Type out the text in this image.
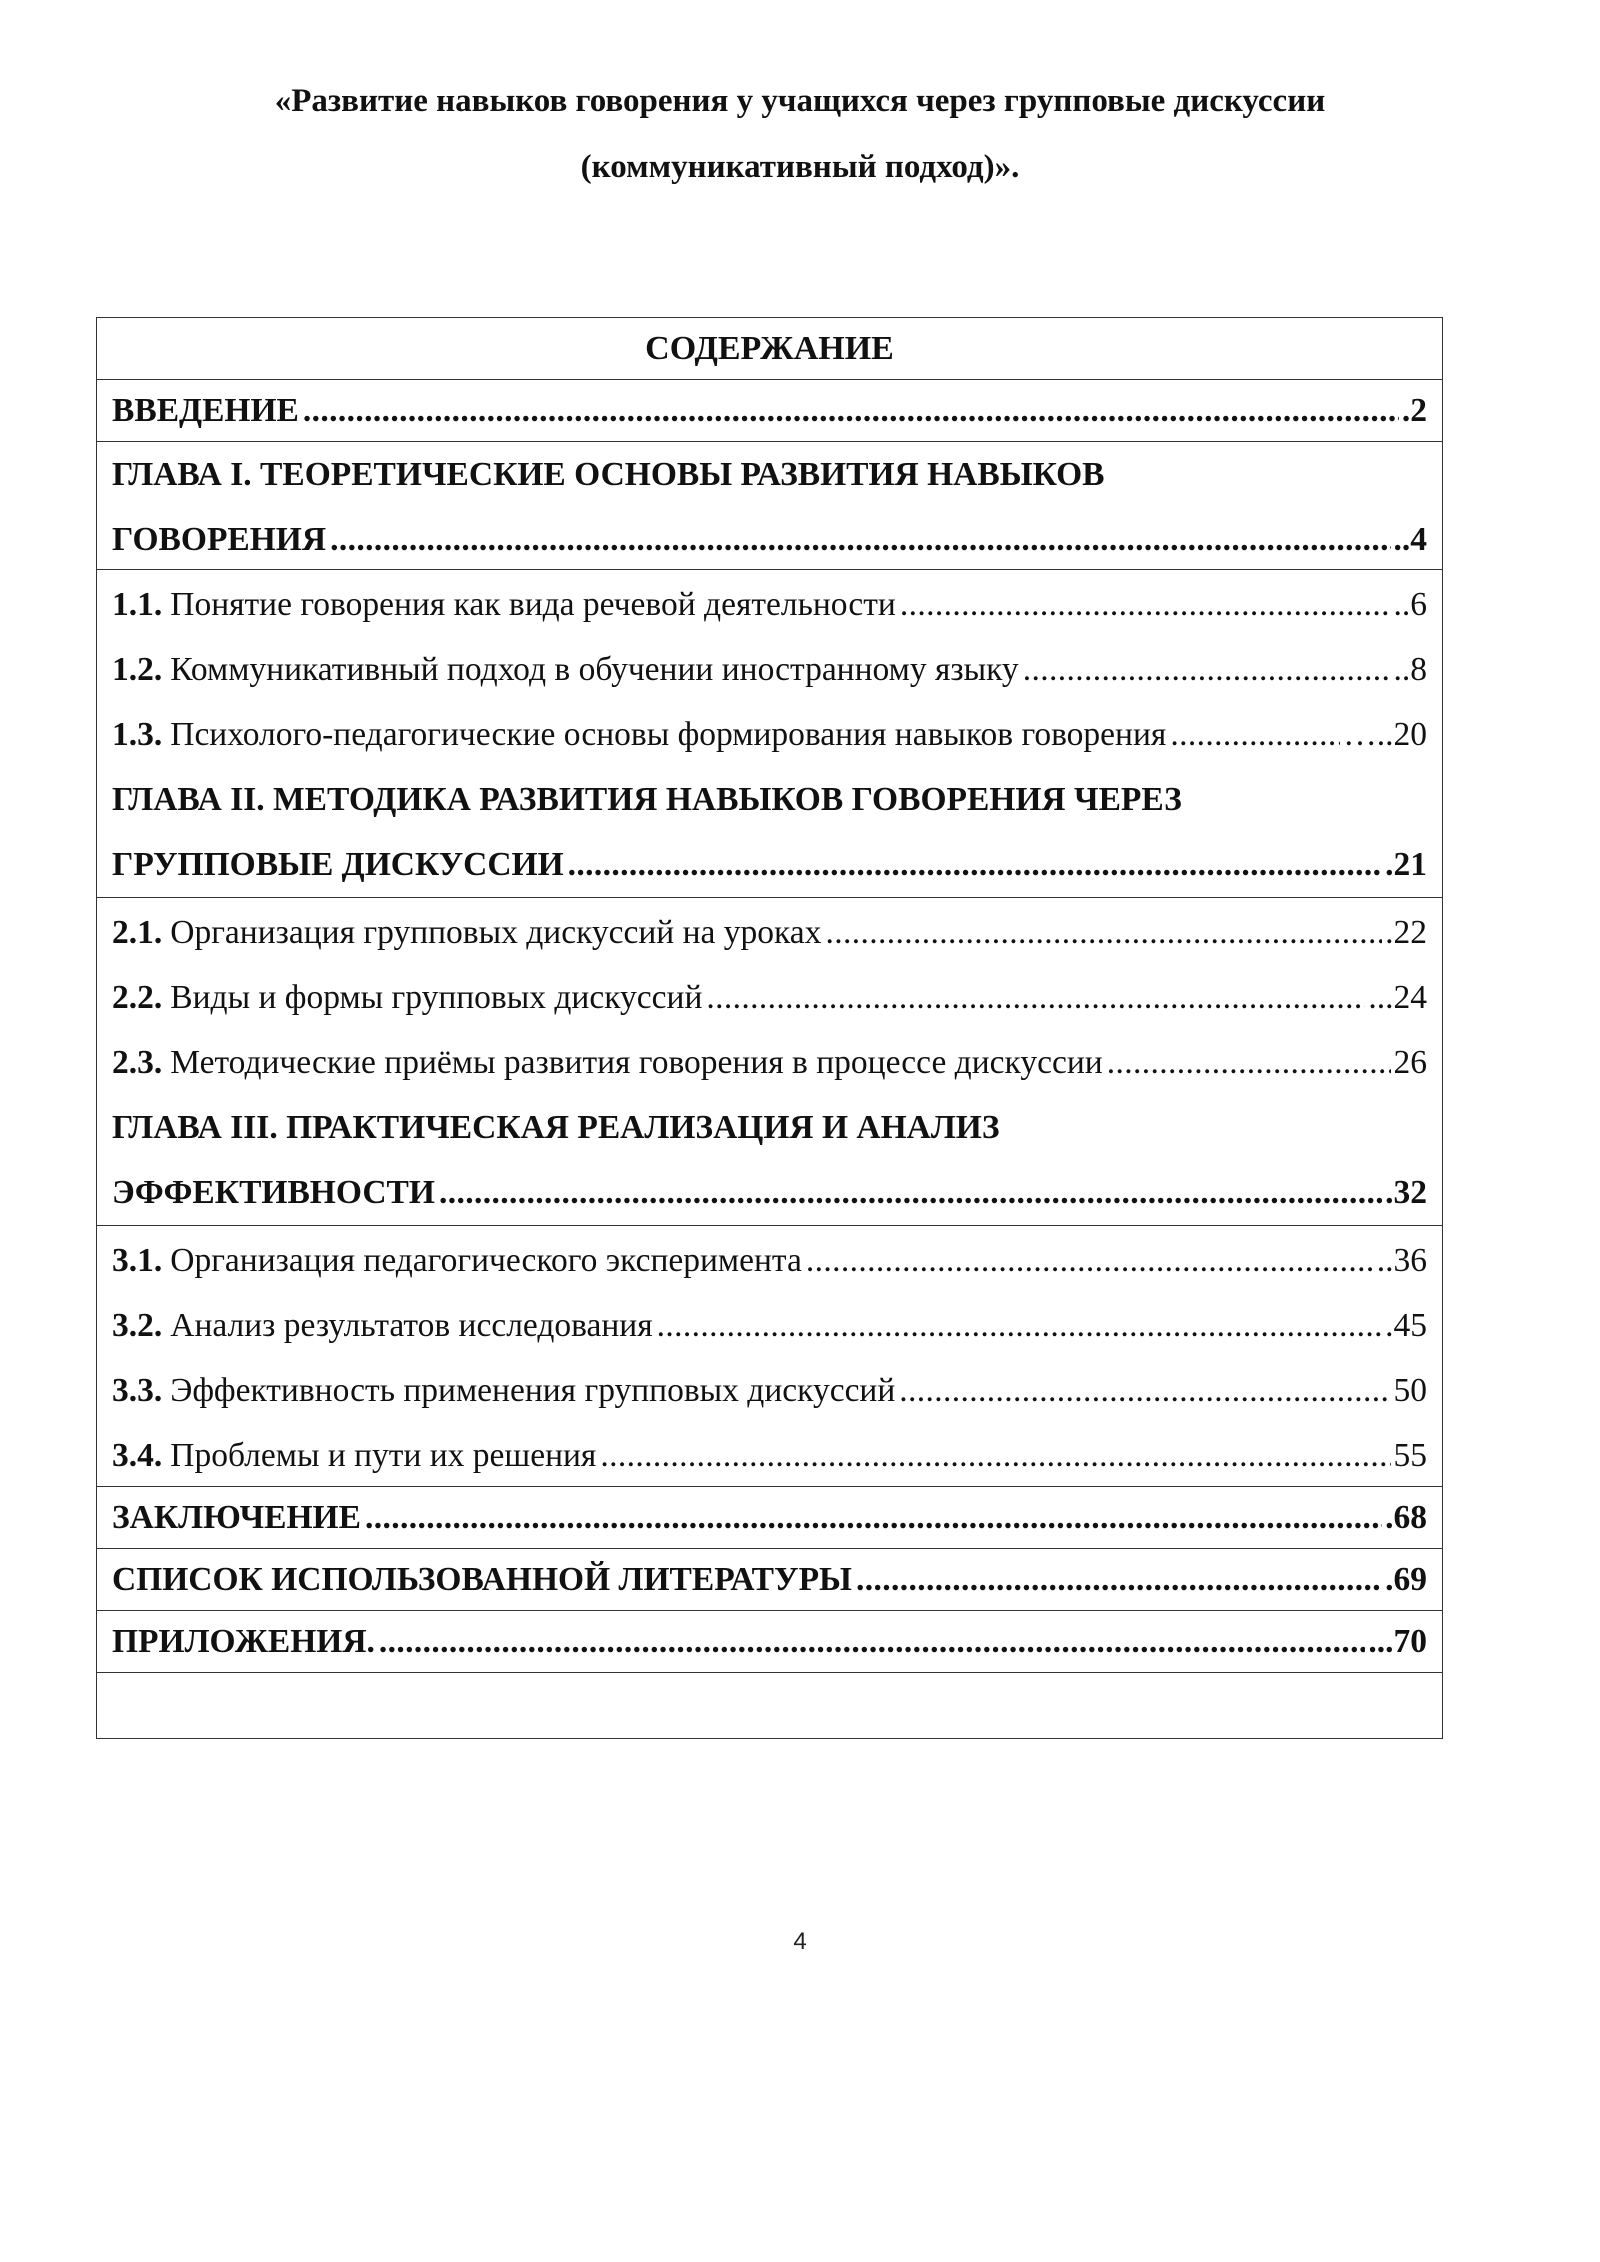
«Развитие навыков говорения у учащихся через групповые дискуссии
(коммуникативный подход)».
СОДЕРЖАНИЕ
ВВЕДЕНИЕ . . .	.2
ГЛАВА I. ТЕОРЕТИЧЕСКИЕ ОСНОВЫ РАЗВИТИЯ НАВЫКОВ
ГОВОРЕНИЯ . . .	..4
1.1. Понятие говорения как вида речевой деятельности . . .	..6
1.2. Коммуникативный подход в обучении иностранному языку . . .	..8
1.3. Психолого-педагогические основы формирования навыков говорения . . .	…..20
ГЛАВА II. МЕТОДИКА РАЗВИТИЯ НАВЫКОВ ГОВОРЕНИЯ ЧЕРЕЗ
ГРУППОВЫЕ ДИСКУССИИ . . .	.21
2.1. Организация групповых дискуссий на уроках . . .	.22
2.2. Виды и формы групповых дискуссий . . .	...24
2.3. Методические приёмы развития говорения в процессе дискуссии . . .	26
ГЛАВА III. ПРАКТИЧЕСКАЯ РЕАЛИЗАЦИЯ И АНАЛИЗ
ЭФФЕКТИВНОСТИ . . .	.32
3.1. Организация педагогического эксперимента . . .	..36
3.2. Анализ результатов исследования . . .	.45
3.3. Эффективность применения групповых дискуссий . . .	50
3.4. Проблемы и пути их решения . . .	55
ЗАКЛЮЧЕНИЕ . . .	.68
СПИСОК ИСПОЛЬЗОВАННОЙ ЛИТЕРАТУРЫ . . .	.69
ПРИЛОЖЕНИЯ. . . .	...70
4
